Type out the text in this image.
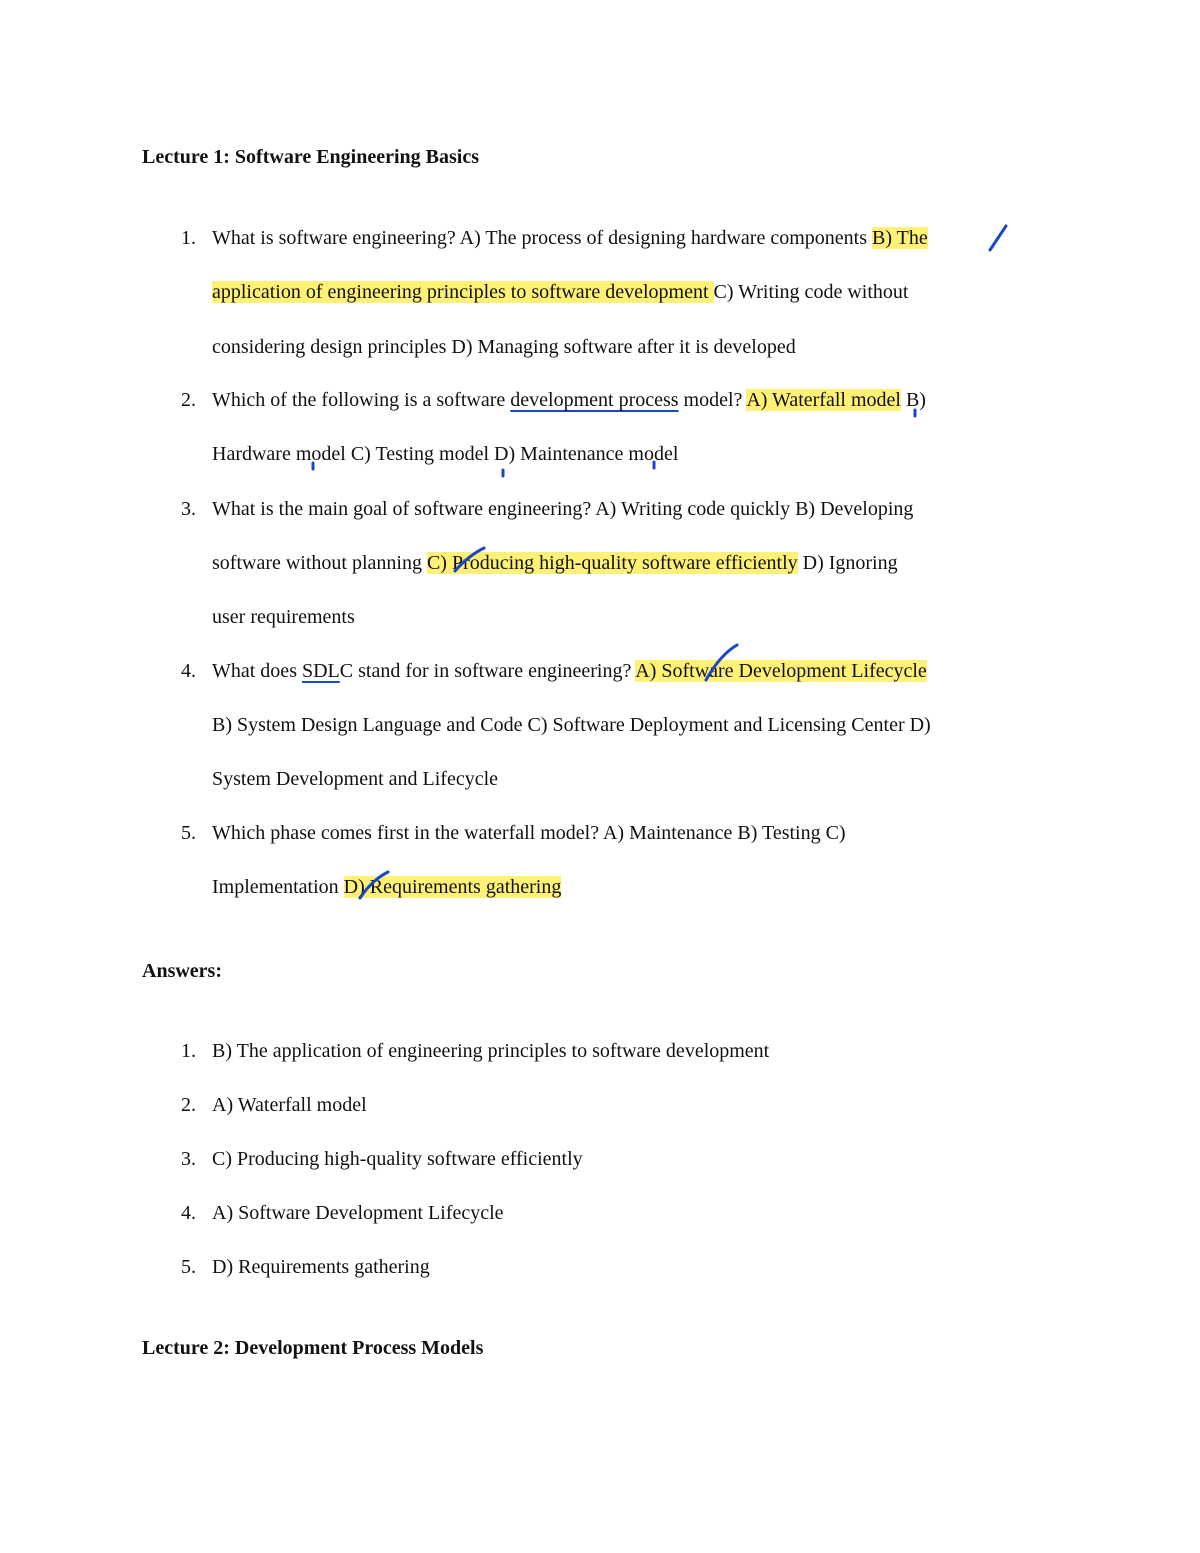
Lecture 1: Software Engineering Basics
1. What is software engineering? A) The process of designing hardware components B) The
application of engineering principles to software development C) Writing code without
considering design principles D) Managing software after it is developed
2. Which of the following is a software development process model? A) Waterfall model B)
Hardware model C) Testing model D) Maintenance model
3. What is the main goal of software engineering? A) Writing code quickly B) Developing
software without planning C) Producing high-quality software efficiently D) Ignoring
user requirements
4. What does SDLC stand for in software engineering? A) Software Development Lifecycle
B) System Design Language and Code C) Software Deployment and Licensing Center D)
System Development and Lifecycle
5. Which phase comes first in the waterfall model? A) Maintenance B) Testing C)
Implementation D) Requirements gathering
Answers:
1. B) The application of engineering principles to software development
2. A) Waterfall model
3. C) Producing high-quality software efficiently
4. A) Software Development Lifecycle
5. D) Requirements gathering
Lecture 2: Development Process Models
